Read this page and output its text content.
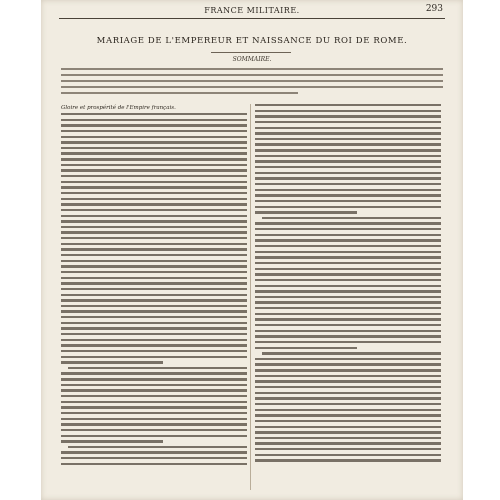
FRANCE MILITAIRE.	293
MARIAGE DE L'EMPEREUR ET NAISSANCE DU ROI DE ROME.
SOMMAIRE.
Gloire et prospérité de l'Empire français.
